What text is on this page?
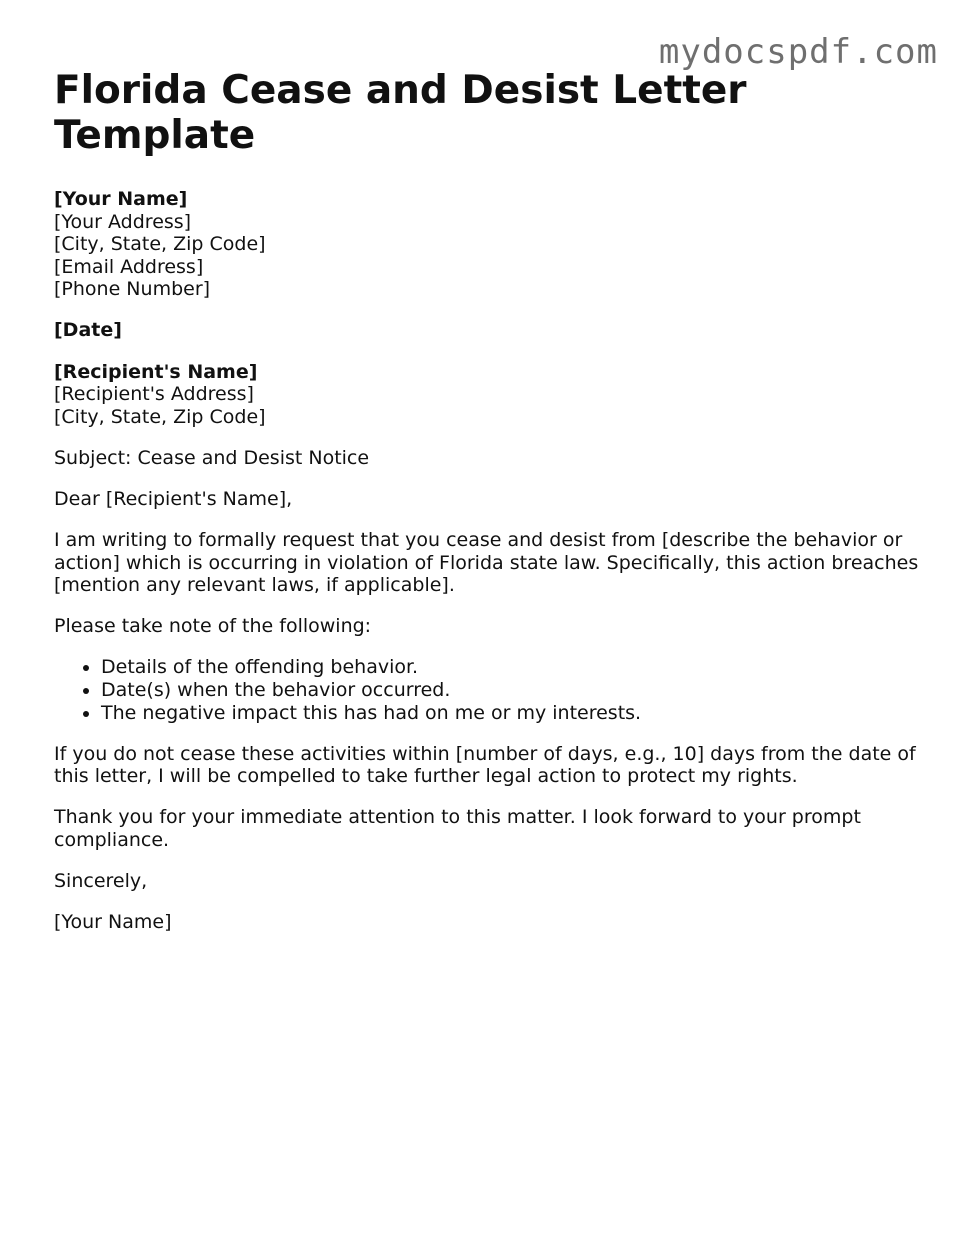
mydocspdf.com
Florida Cease and Desist Letter Template
[Your Name]
[Your Address]
[City, State, Zip Code]
[Email Address]
[Phone Number]
[Date]
[Recipient's Name]
[Recipient's Address]
[City, State, Zip Code]

Subject: Cease and Desist Notice

Dear [Recipient's Name],

I am writing to formally request that you cease and desist from [describe the behavior or action] which is occurring in violation of Florida state law. Specifically, this action breaches [mention any relevant laws, if applicable].

Please take note of the following:

• Details of the offending behavior.
• Date(s) when the behavior occurred.
• The negative impact this has had on me or my interests.

If you do not cease these activities within [number of days, e.g., 10] days from the date of this letter, I will be compelled to take further legal action to protect my rights.

Thank you for your immediate attention to this matter. I look forward to your prompt compliance.

Sincerely,

[Your Name]
